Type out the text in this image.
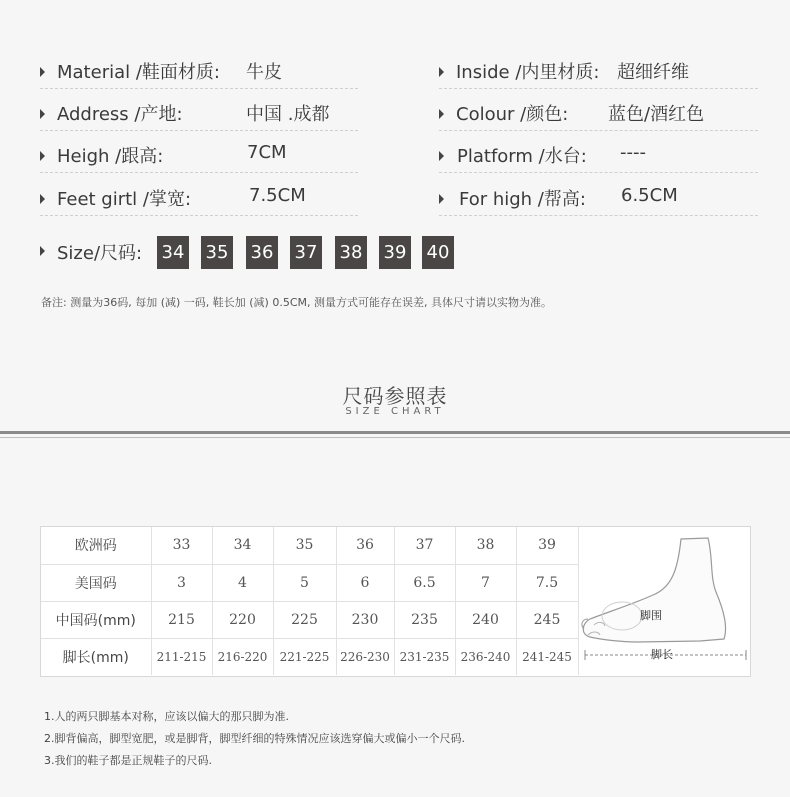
Material /鞋面材质: 牛皮	Inside /内里材质: 超细纤维
Address /产地:	中国 .成都	Colour /颜色: 蓝色/酒红色
Heigh /跟高:	7CM	Platform /水台: ----
Feet girtl /掌宽:	7.5CM	For high /帮高: 6.5CM
Size/尺码: 34 35 36 37 38 39 40
备注: 测量为36码, 每加 (减) 一码, 鞋长加 (减) 0.5CM, 测量方式可能存在误差, 具体尺寸请以实物为准。
尺码参照表
SIZE CHART
欧洲码	33	34	35	36	37	38	39
美国码	3	4	5	6	6.5	7	7.5
中国码(mm)	215	220	225	230	235	240	245
脚长(mm)	211-215	216-220	221-225	226-230	231-235	236-240	241-245
脚围
脚长
1.人的两只脚基本对称，应该以偏大的那只脚为准.
2.脚背偏高，脚型宽肥，或是脚背，脚型纤细的特殊情况应该选穿偏大或偏小一个尺码.
3.我们的鞋子都是正规鞋子的尺码.
